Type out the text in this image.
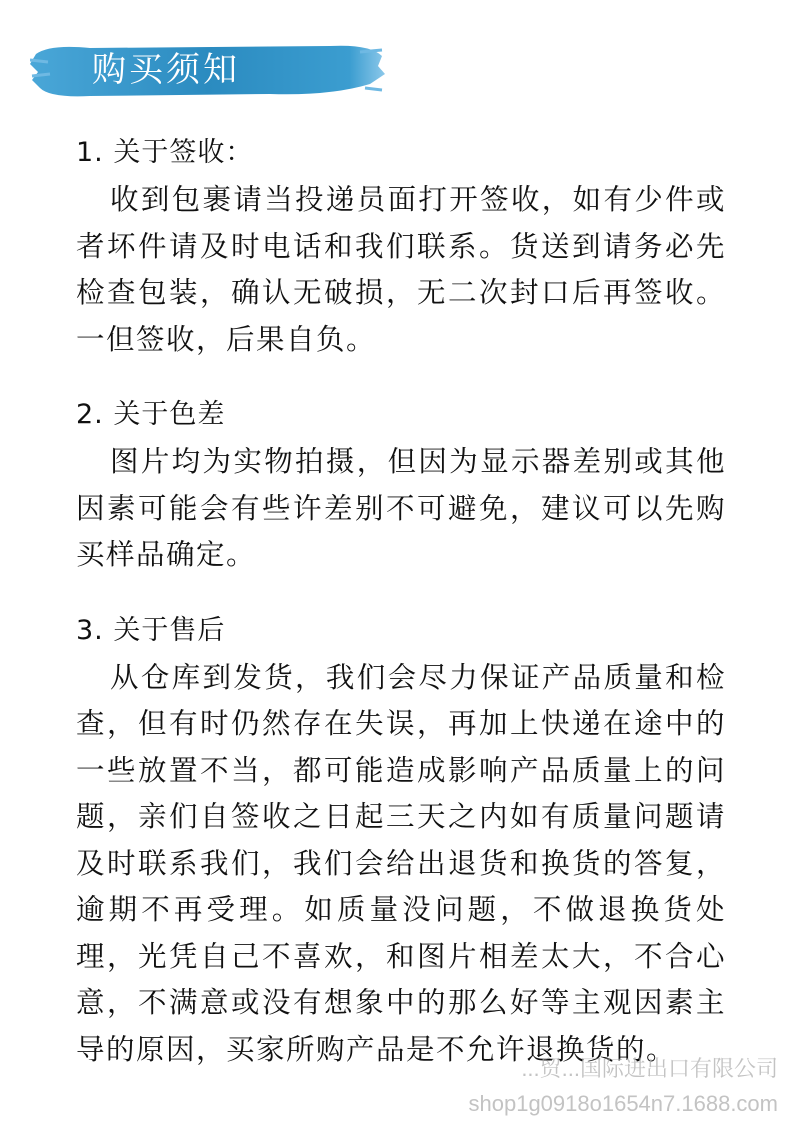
购买须知
1. 关于签收：

收到包裹请当投递员面打开签收，如有少件或者坏件请及时电话和我们联系。货送到请务必先检查包装，确认无破损，无二次封口后再签收。一但签收，后果自负。

2. 关于色差

图片均为实物拍摄，但因为显示器差别或其他因素可能会有些许差别不可避免，建议可以先购买样品确定。

3. 关于售后

从仓库到发货，我们会尽力保证产品质量和检查，但有时仍然存在失误，再加上快递在途中的一些放置不当，都可能造成影响产品质量上的问题，亲们自签收之日起三天之内如有质量问题请及时联系我们，我们会给出退货和换货的答复，逾期不再受理。如质量没问题，不做退换货处理，光凭自己不喜欢，和图片相差太大，不合心意，不满意或没有想象中的那么好等主观因素主导的原因，买家所购产品是不允许退换货的。

...贸...国际进出口有限公司
shop1g0918o1654n7.1688.com
